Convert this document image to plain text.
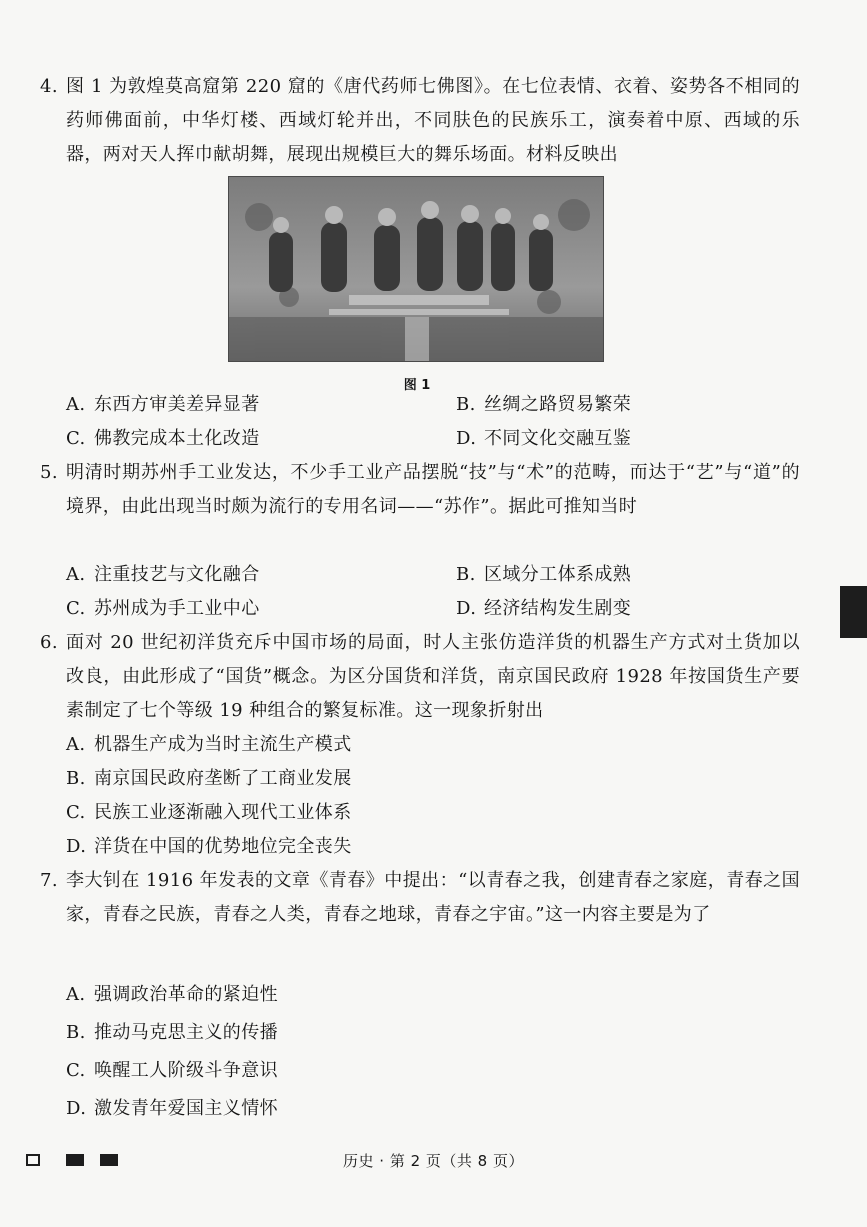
4. 图 1 为敦煌莫高窟第 220 窟的《唐代药师七佛图》。在七位表情、衣着、姿势各不相同的药师佛面前，中华灯楼、西域灯轮并出，不同肤色的民族乐工，演奏着中原、西域的乐器，两对天人挥巾献胡舞，展现出规模巨大的舞乐场面。材料反映出
图 1
A. 东西方审美差异显著	B. 丝绸之路贸易繁荣
C. 佛教完成本土化改造	D. 不同文化交融互鉴
5. 明清时期苏州手工业发达，不少手工业产品摆脱“技”与“术”的范畴，而达于“艺”与“道”的境界，由此出现当时颇为流行的专用名词——“苏作”。据此可推知当时
A. 注重技艺与文化融合	B. 区域分工体系成熟
C. 苏州成为手工业中心	D. 经济结构发生剧变
6. 面对 20 世纪初洋货充斥中国市场的局面，时人主张仿造洋货的机器生产方式对土货加以改良，由此形成了“国货”概念。为区分国货和洋货，南京国民政府 1928 年按国货生产要素制定了七个等级 19 种组合的繁复标准。这一现象折射出
A. 机器生产成为当时主流生产模式
B. 南京国民政府垄断了工商业发展
C. 民族工业逐渐融入现代工业体系
D. 洋货在中国的优势地位完全丧失
7. 李大钊在 1916 年发表的文章《青春》中提出：“以青春之我，创建青春之家庭，青春之国家，青春之民族，青春之人类，青春之地球，青春之宇宙。”这一内容主要是为了
A. 强调政治革命的紧迫性
B. 推动马克思主义的传播
C. 唤醒工人阶级斗争意识
D. 激发青年爱国主义情怀
历史 · 第 2 页（共 8 页）
